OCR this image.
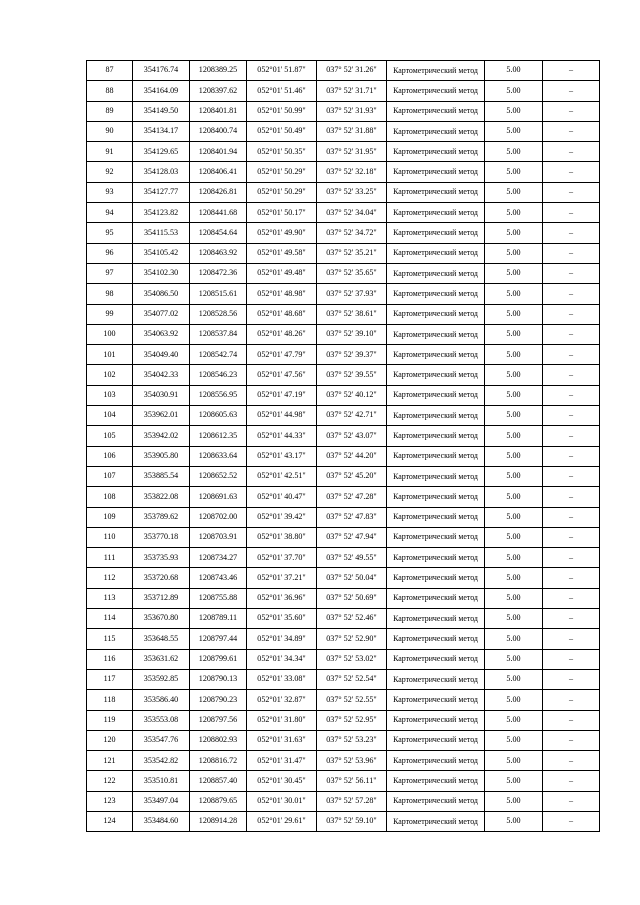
87	354176.74	1208389.25	052°01' 51.87"	037° 52' 31.26"	Картометрический метод	5.00	–
88	354164.09	1208397.62	052°01' 51.46"	037° 52' 31.71"	Картометрический метод	5.00	–
89	354149.50	1208401.81	052°01' 50.99"	037° 52' 31.93"	Картометрический метод	5.00	–
90	354134.17	1208400.74	052°01' 50.49"	037° 52' 31.88"	Картометрический метод	5.00	–
91	354129.65	1208401.94	052°01' 50.35"	037° 52' 31.95"	Картометрический метод	5.00	–
92	354128.03	1208406.41	052°01' 50.29"	037° 52' 32.18"	Картометрический метод	5.00	–
93	354127.77	1208426.81	052°01' 50.29"	037° 52' 33.25"	Картометрический метод	5.00	–
94	354123.82	1208441.68	052°01' 50.17"	037° 52' 34.04"	Картометрический метод	5.00	–
95	354115.53	1208454.64	052°01' 49.90"	037° 52' 34.72"	Картометрический метод	5.00	–
96	354105.42	1208463.92	052°01' 49.58"	037° 52' 35.21"	Картометрический метод	5.00	–
97	354102.30	1208472.36	052°01' 49.48"	037° 52' 35.65"	Картометрический метод	5.00	–
98	354086.50	1208515.61	052°01' 48.98"	037° 52' 37.93"	Картометрический метод	5.00	–
99	354077.02	1208528.56	052°01' 48.68"	037° 52' 38.61"	Картометрический метод	5.00	–
100	354063.92	1208537.84	052°01' 48.26"	037° 52' 39.10"	Картометрический метод	5.00	–
101	354049.40	1208542.74	052°01' 47.79"	037° 52' 39.37"	Картометрический метод	5.00	–
102	354042.33	1208546.23	052°01' 47.56"	037° 52' 39.55"	Картометрический метод	5.00	–
103	354030.91	1208556.95	052°01' 47.19"	037° 52' 40.12"	Картометрический метод	5.00	–
104	353962.01	1208605.63	052°01' 44.98"	037° 52' 42.71"	Картометрический метод	5.00	–
105	353942.02	1208612.35	052°01' 44.33"	037° 52' 43.07"	Картометрический метод	5.00	–
106	353905.80	1208633.64	052°01' 43.17"	037° 52' 44.20"	Картометрический метод	5.00	–
107	353885.54	1208652.52	052°01' 42.51"	037° 52' 45.20"	Картометрический метод	5.00	–
108	353822.08	1208691.63	052°01' 40.47"	037° 52' 47.28"	Картометрический метод	5.00	–
109	353789.62	1208702.00	052°01' 39.42"	037° 52' 47.83"	Картометрический метод	5.00	–
110	353770.18	1208703.91	052°01' 38.80"	037° 52' 47.94"	Картометрический метод	5.00	–
111	353735.93	1208734.27	052°01' 37.70"	037° 52' 49.55"	Картометрический метод	5.00	–
112	353720.68	1208743.46	052°01' 37.21"	037° 52' 50.04"	Картометрический метод	5.00	–
113	353712.89	1208755.88	052°01' 36.96"	037° 52' 50.69"	Картометрический метод	5.00	–
114	353670.80	1208789.11	052°01' 35.60"	037° 52' 52.46"	Картометрический метод	5.00	–
115	353648.55	1208797.44	052°01' 34.89"	037° 52' 52.90"	Картометрический метод	5.00	–
116	353631.62	1208799.61	052°01' 34.34"	037° 52' 53.02"	Картометрический метод	5.00	–
117	353592.85	1208790.13	052°01' 33.08"	037° 52' 52.54"	Картометрический метод	5.00	–
118	353586.40	1208790.23	052°01' 32.87"	037° 52' 52.55"	Картометрический метод	5.00	–
119	353553.08	1208797.56	052°01' 31.80"	037° 52' 52.95"	Картометрический метод	5.00	–
120	353547.76	1208802.93	052°01' 31.63"	037° 52' 53.23"	Картометрический метод	5.00	–
121	353542.82	1208816.72	052°01' 31.47"	037° 52' 53.96"	Картометрический метод	5.00	–
122	353510.81	1208857.40	052°01' 30.45"	037° 52' 56.11"	Картометрический метод	5.00	–
123	353497.04	1208879.65	052°01' 30.01"	037° 52' 57.28"	Картометрический метод	5.00	–
124	353484.60	1208914.28	052°01' 29.61"	037° 52' 59.10"	Картометрический метод	5.00	–
